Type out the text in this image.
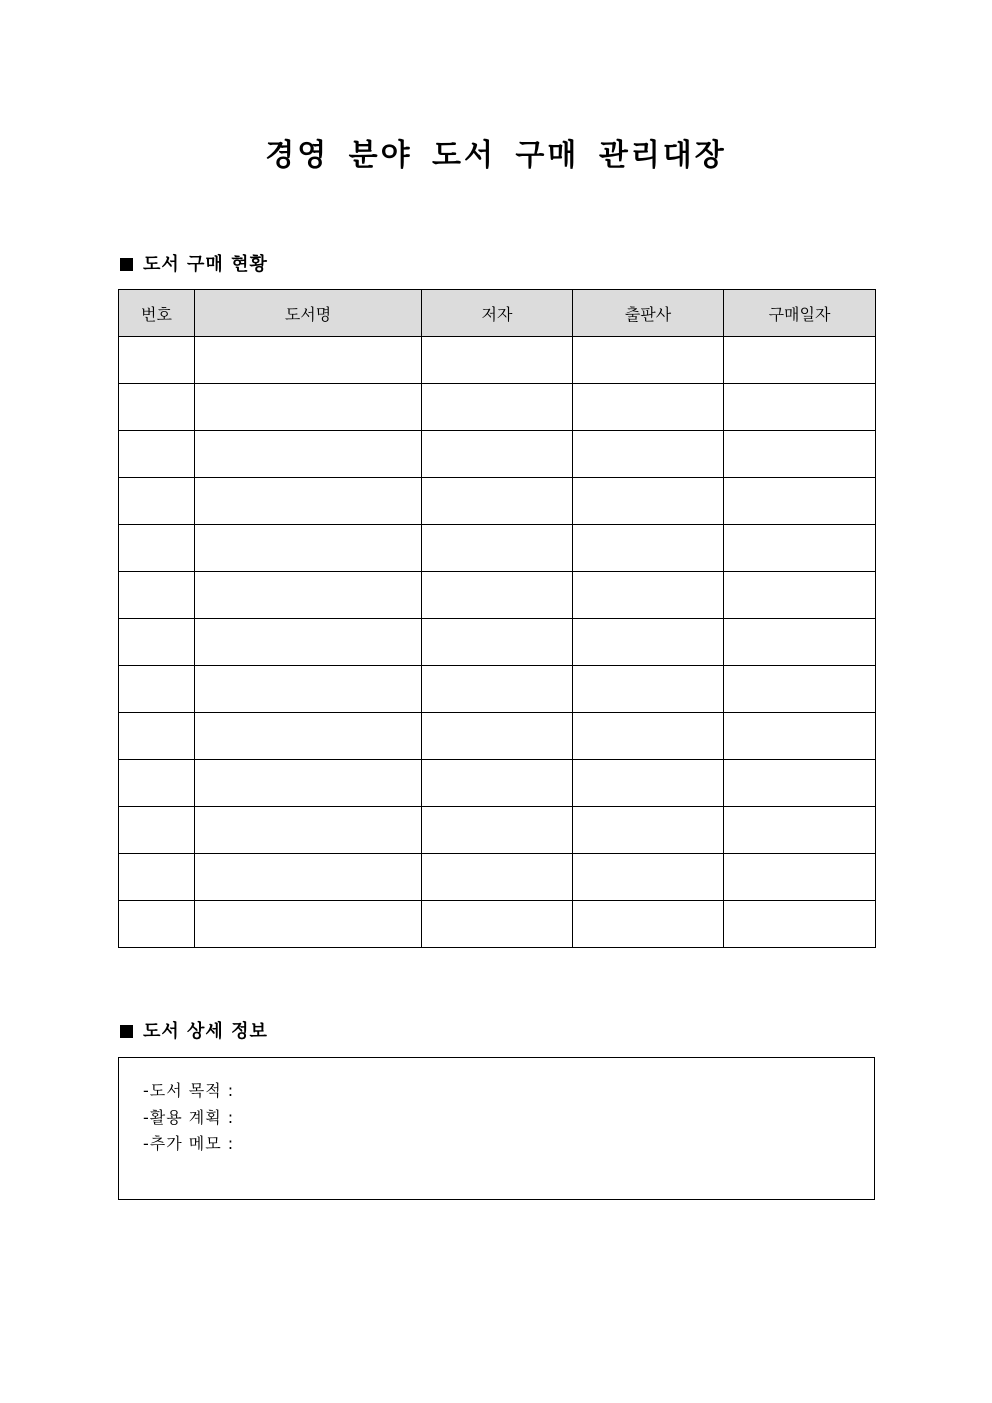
경영 분야 도서 구매 관리대장
도서 구매 현황
번호	도서명	저자	출판사	구매일자

도서 상세 정보
-도서 목적 :
-활용 계획 :
-추가 메모 :
